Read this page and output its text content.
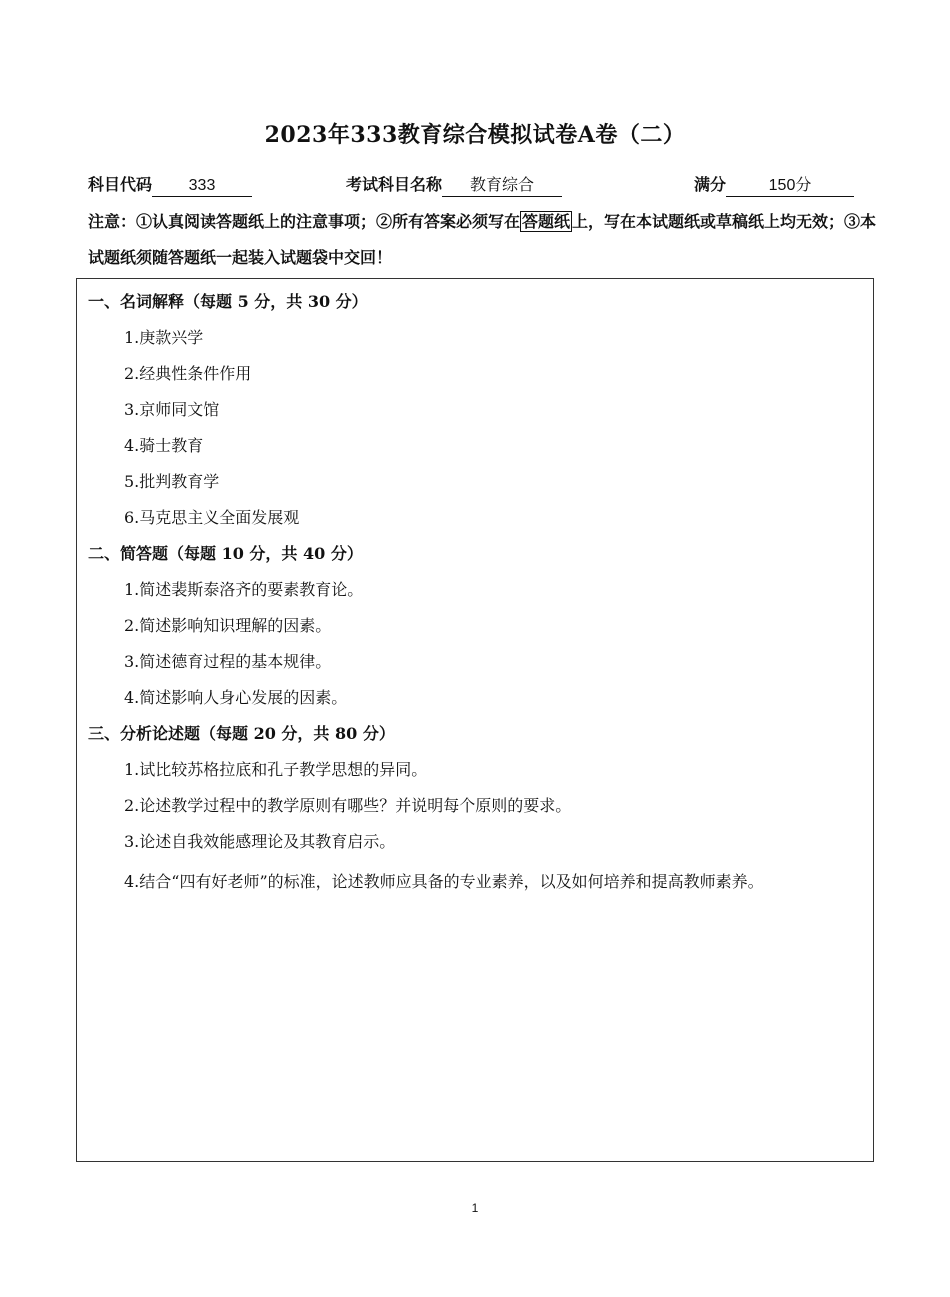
2023年333教育综合模拟试卷A卷（二）
科目代码 333	考试科目名称 教育综合	满分	150分
注意：①认真阅读答题纸上的注意事项；②所有答案必须写在 答题纸 上，写在本试题纸或草稿纸上均无效；③本试题纸须随答题纸一起装入试题袋中交回！
一、名词解释（每题 5 分，共 30 分）
1.庚款兴学
2.经典性条件作用
3.京师同文馆
4.骑士教育
5.批判教育学
6.马克思主义全面发展观
二、简答题（每题 10 分，共 40 分）
1.简述裴斯泰洛齐的要素教育论。
2.简述影响知识理解的因素。
3.简述德育过程的基本规律。
4.简述影响人身心发展的因素。
三、分析论述题（每题 20 分，共 80 分）
1.试比较苏格拉底和孔子教学思想的异同。
2.论述教学过程中的教学原则有哪些？并说明每个原则的要求。
3.论述自我效能感理论及其教育启示。
4.结合“四有好老师”的标准，论述教师应具备的专业素养，以及如何培养和提高教师素养。
1
